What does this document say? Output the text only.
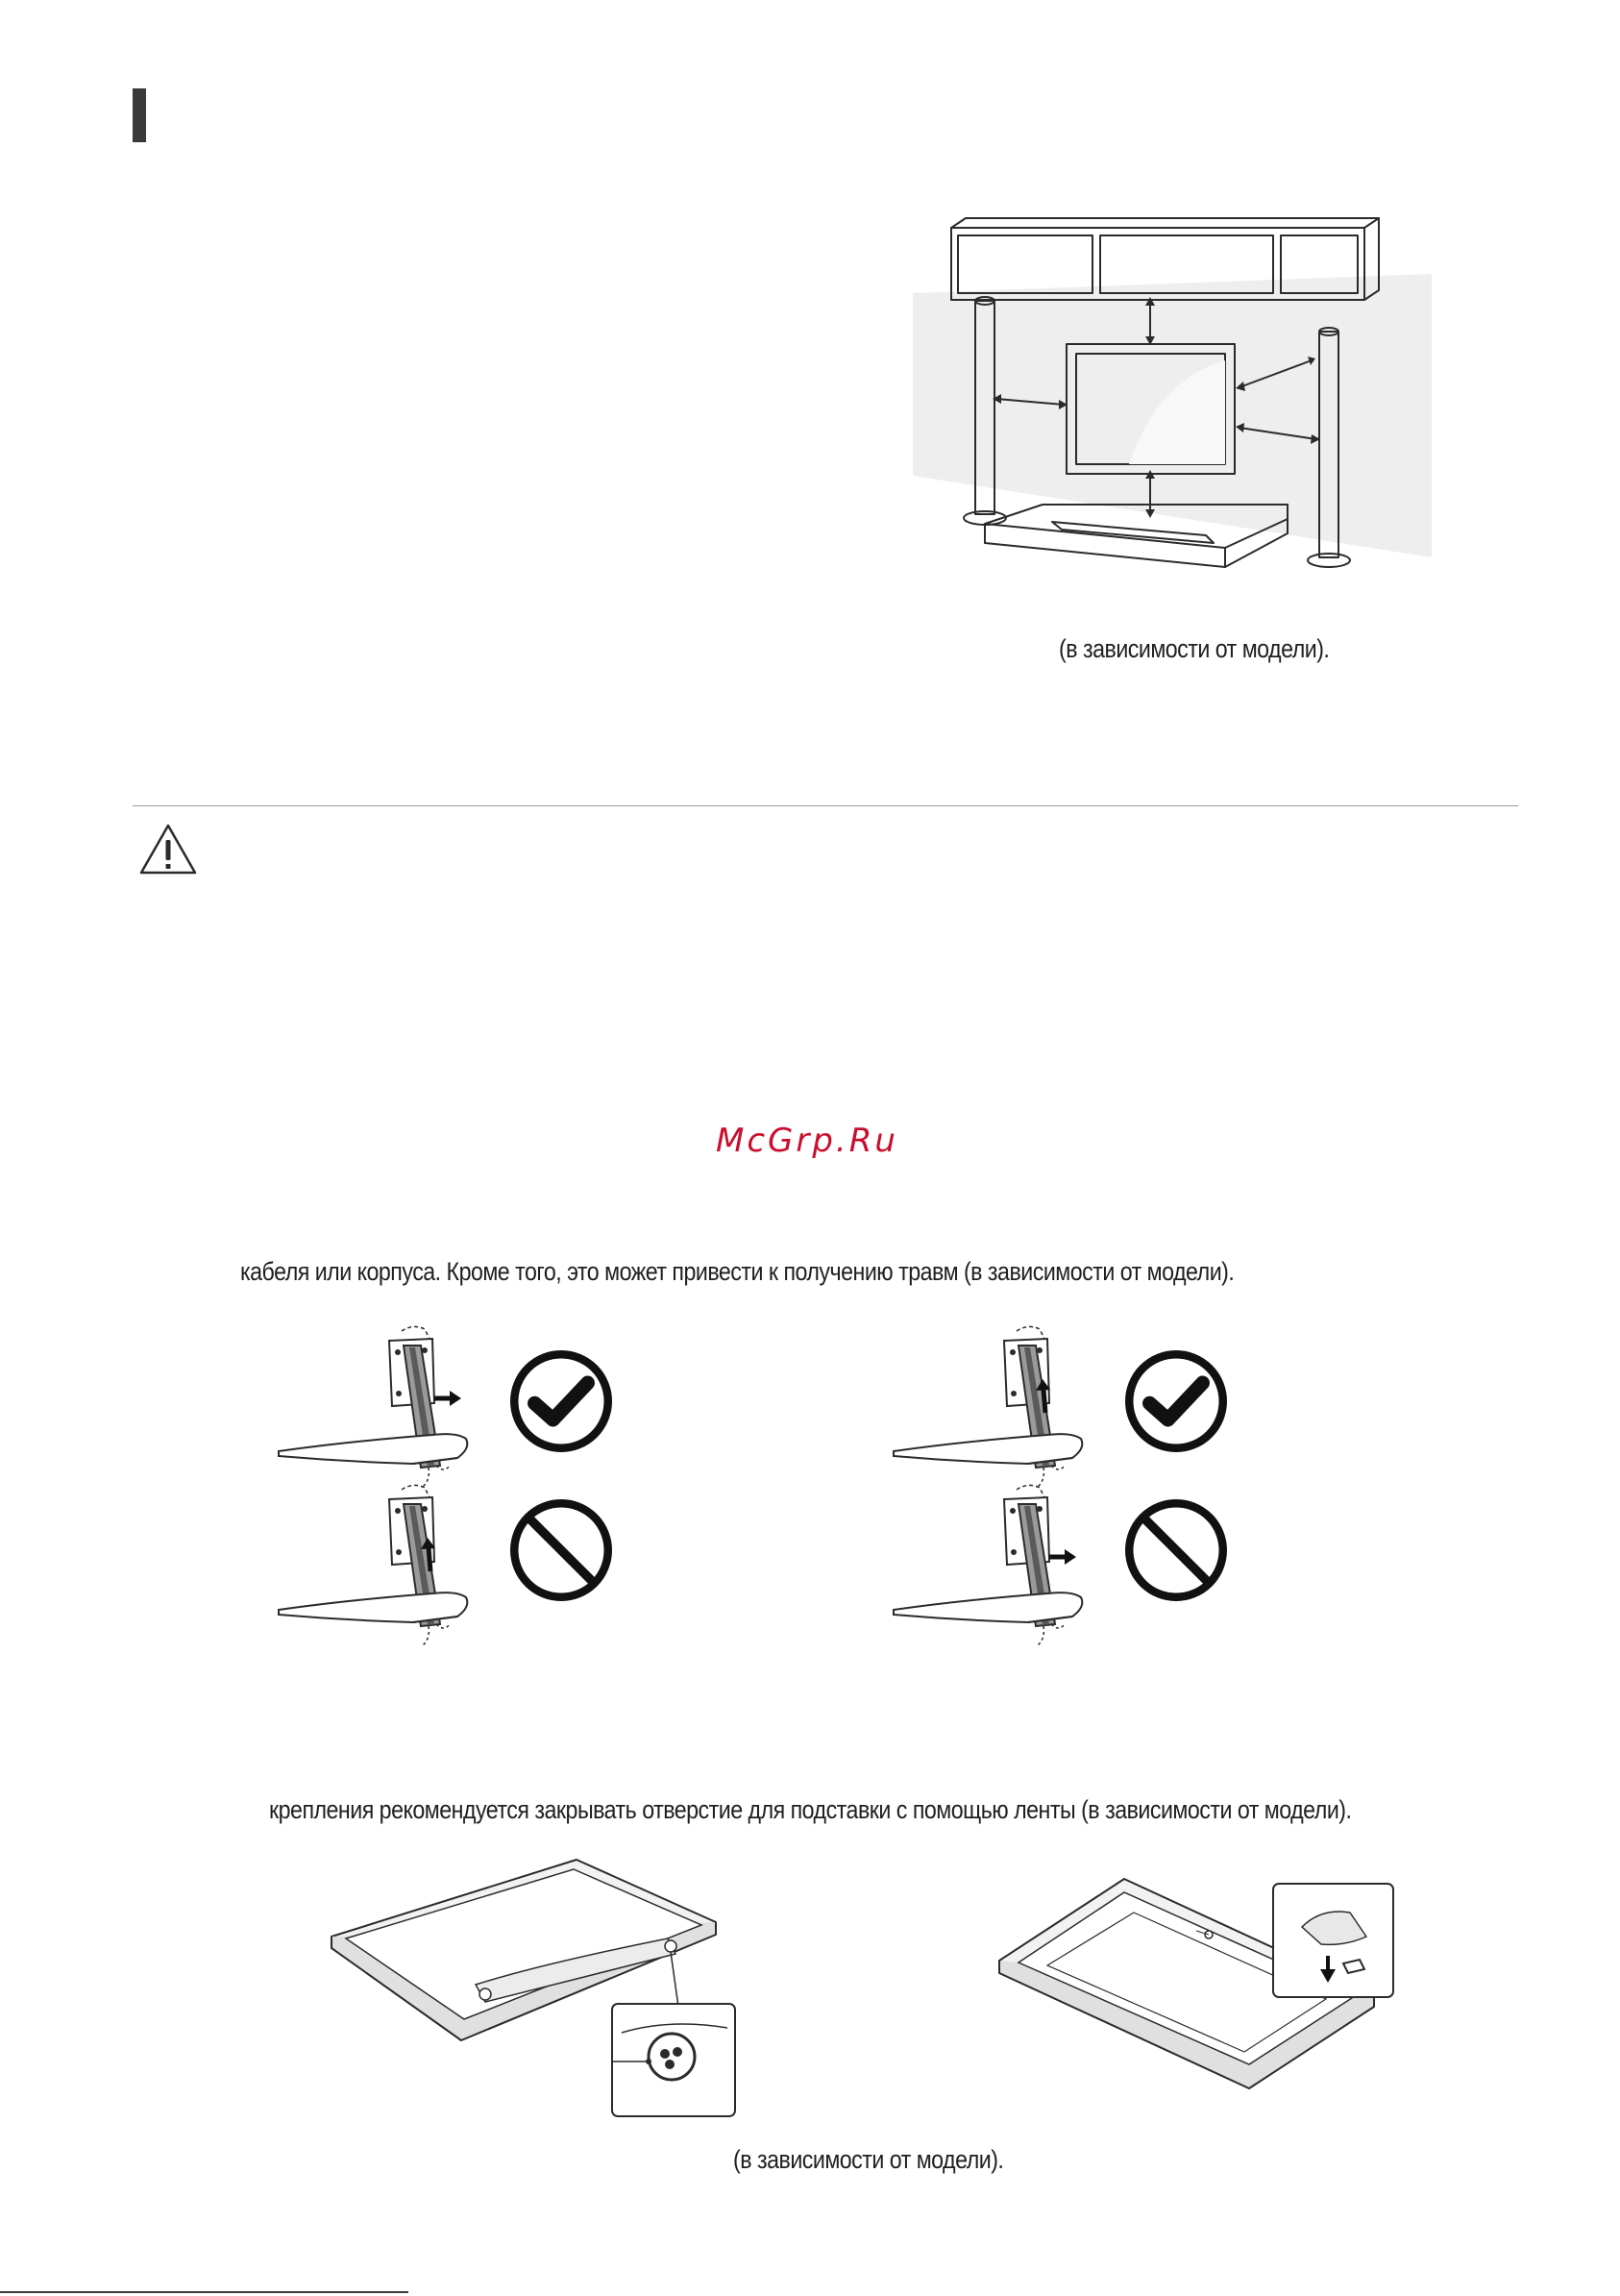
(в зависимости от модели).
McGrp.Ru
кабеля или корпуса. Кроме того, это может привести к получению травм (в зависимости от модели).
крепления рекомендуется закрывать отверстие для подставки с помощью ленты (в зависимости от модели).
(в зависимости от модели).
